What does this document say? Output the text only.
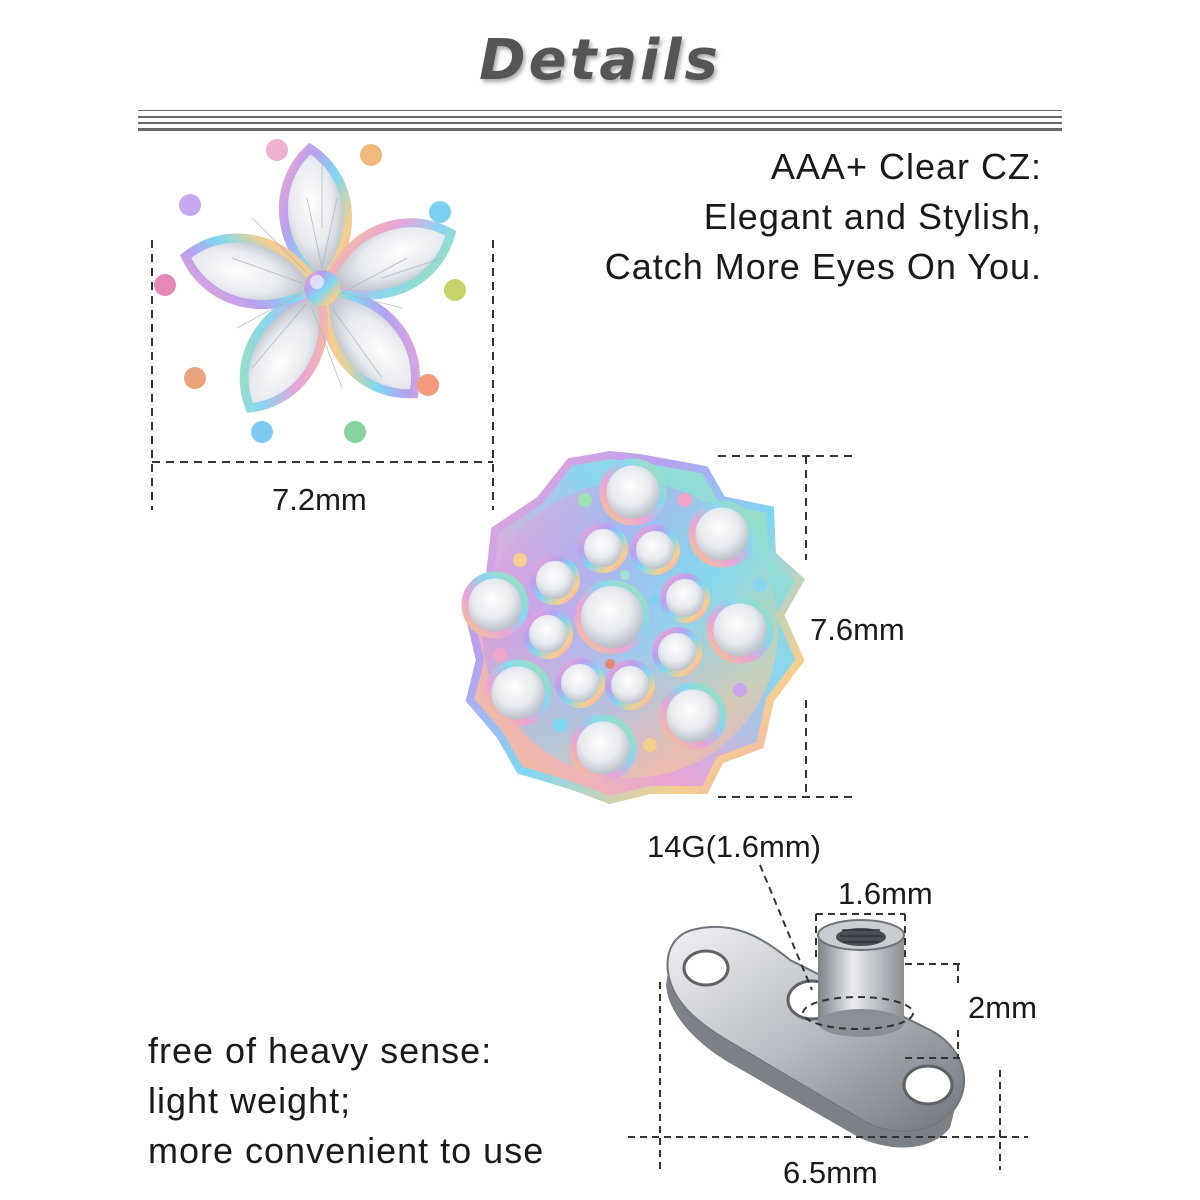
Details
AAA+ Clear CZ:
Elegant and Stylish,
Catch More Eyes On You.
free of heavy sense:
light weight;
more convenient to use
7.2mm
7.6mm
14G(1.6mm)
1.6mm
2mm
6.5mm
